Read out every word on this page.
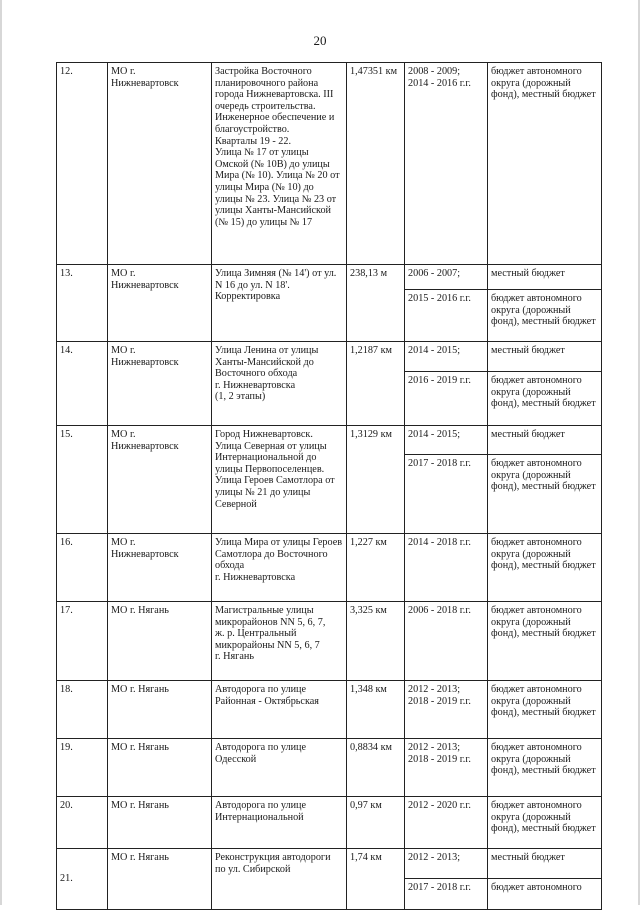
20
12.	МО г.
Нижневартовск	Застройка Восточного планировочного района города Нижневартовска. III очередь строительства. Инженерное обеспечение и благоустройство.
Кварталы 19 - 22.
Улица № 17 от улицы Омской (№ 10В) до улицы Мира (№ 10). Улица № 20 от улицы Мира (№ 10) до улицы № 23. Улица № 23 от улицы Ханты-Мансийской (№ 15) до улицы № 17	1,47351 км	2008 - 2009;
2014 - 2016 г.г.	бюджет автономного округа (дорожный фонд), местный бюджет
13.	МО г.
Нижневартовск	Улица Зимняя (№ 14') от ул. N 16 до ул. N 18'.
Корректировка	238,13 м	2006 - 2007;	местный бюджет
				2015 - 2016 г.г.	бюджет автономного округа (дорожный фонд), местный бюджет
14.	МО г.
Нижневартовск	Улица Ленина от улицы Ханты-Мансийской до Восточного обхода
г. Нижневартовска
(1, 2 этапы)	1,2187 км	2014 - 2015;	местный бюджет
				2016 - 2019 г.г.	бюджет автономного округа (дорожный фонд), местный бюджет
15.	МО г.
Нижневартовск	Город Нижневартовск.
Улица Северная от улицы Интернациональной до улицы Первопоселенцев.
Улица Героев Самотлора от улицы № 21 до улицы Северной	1,3129 км	2014 - 2015;	местный бюджет
				2017 - 2018 г.г.	бюджет автономного округа (дорожный фонд), местный бюджет
16.	МО г.
Нижневартовск	Улица Мира от улицы Героев Самотлора до Восточного обхода
г. Нижневартовска	1,227 км	2014 - 2018 г.г.	бюджет автономного округа (дорожный фонд), местный бюджет
17.	МО г. Нягань	Магистральные улицы микрорайонов NN 5, 6, 7,
ж. р. Центральный микрорайоны NN 5, 6, 7
г. Нягань	3,325 км	2006 - 2018 г.г.	бюджет автономного округа (дорожный фонд), местный бюджет
18.	МО г. Нягань	Автодорога по улице Районная - Октябрьская	1,348 км	2012 - 2013;
2018 - 2019 г.г.	бюджет автономного округа (дорожный фонд), местный бюджет
19.	МО г. Нягань	Автодорога по улице Одесской	0,8834 км	2012 - 2013;
2018 - 2019 г.г.	бюджет автономного округа (дорожный фонд), местный бюджет
20.	МО г. Нягань	Автодорога по улице Интернациональной	0,97 км	2012 - 2020 г.г.	бюджет автономного округа (дорожный фонд), местный бюджет
21.	МО г. Нягань	Реконструкция автодороги по ул. Сибирской	1,74 км	2012 - 2013;	местный бюджет
				2017 - 2018 г.г.	бюджет автономного
